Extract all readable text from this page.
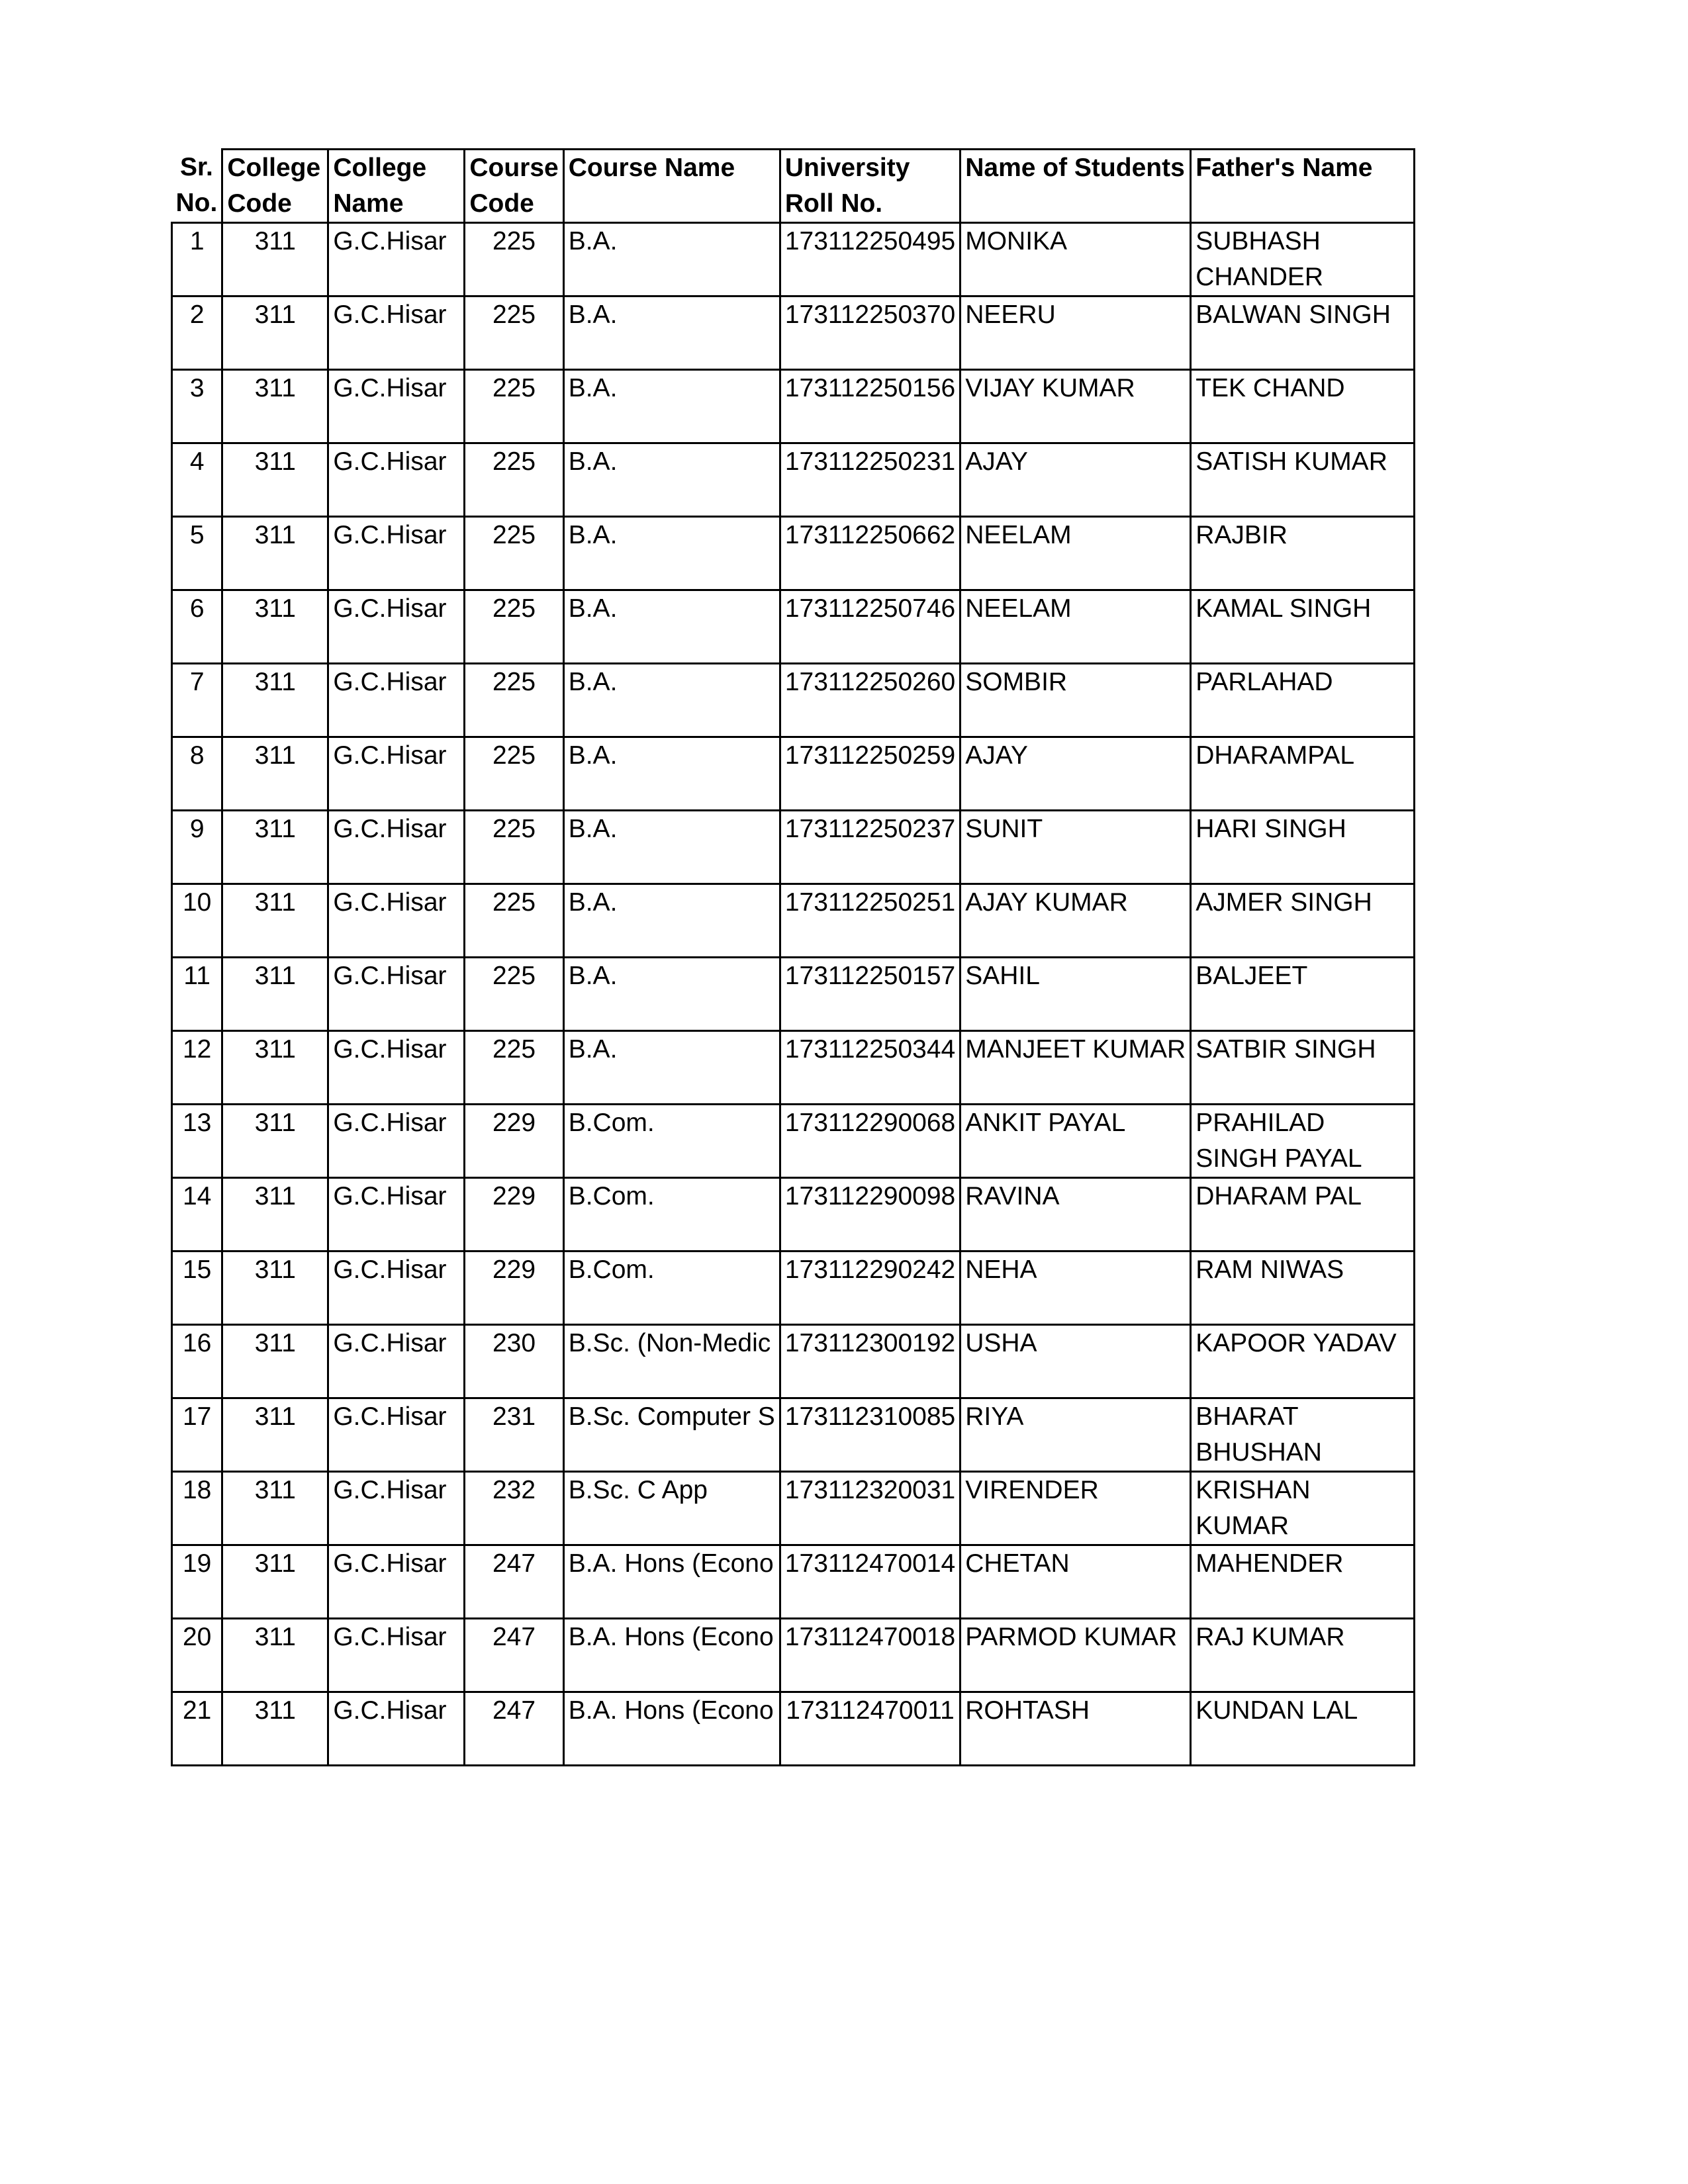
Sr. No.	College Code	College Name	Course Code	Course Name	University Roll No.	Name of Students	Father's Name
1	311	G.C.Hisar	225	B.A.	173112250495	MONIKA	SUBHASH CHANDER
2	311	G.C.Hisar	225	B.A.	173112250370	NEERU	BALWAN SINGH
3	311	G.C.Hisar	225	B.A.	173112250156	VIJAY KUMAR	TEK CHAND
4	311	G.C.Hisar	225	B.A.	173112250231	AJAY	SATISH KUMAR
5	311	G.C.Hisar	225	B.A.	173112250662	NEELAM	RAJBIR
6	311	G.C.Hisar	225	B.A.	173112250746	NEELAM	KAMAL SINGH
7	311	G.C.Hisar	225	B.A.	173112250260	SOMBIR	PARLAHAD
8	311	G.C.Hisar	225	B.A.	173112250259	AJAY	DHARAMPAL
9	311	G.C.Hisar	225	B.A.	173112250237	SUNIT	HARI SINGH
10	311	G.C.Hisar	225	B.A.	173112250251	AJAY KUMAR	AJMER SINGH
11	311	G.C.Hisar	225	B.A.	173112250157	SAHIL	BALJEET
12	311	G.C.Hisar	225	B.A.	173112250344	MANJEET KUMAR	SATBIR SINGH
13	311	G.C.Hisar	229	B.Com.	173112290068	ANKIT PAYAL	PRAHILAD SINGH PAYAL
14	311	G.C.Hisar	229	B.Com.	173112290098	RAVINA	DHARAM PAL
15	311	G.C.Hisar	229	B.Com.	173112290242	NEHA	RAM NIWAS
16	311	G.C.Hisar	230	B.Sc. (Non-Medic	173112300192	USHA	KAPOOR YADAV
17	311	G.C.Hisar	231	B.Sc. Computer S	173112310085	RIYA	BHARAT BHUSHAN
18	311	G.C.Hisar	232	B.Sc. C App	173112320031	VIRENDER	KRISHAN KUMAR
19	311	G.C.Hisar	247	B.A. Hons (Econo	173112470014	CHETAN	MAHENDER
20	311	G.C.Hisar	247	B.A. Hons (Econo	173112470018	PARMOD KUMAR	RAJ KUMAR
21	311	G.C.Hisar	247	B.A. Hons (Econo	173112470011	ROHTASH	KUNDAN LAL
